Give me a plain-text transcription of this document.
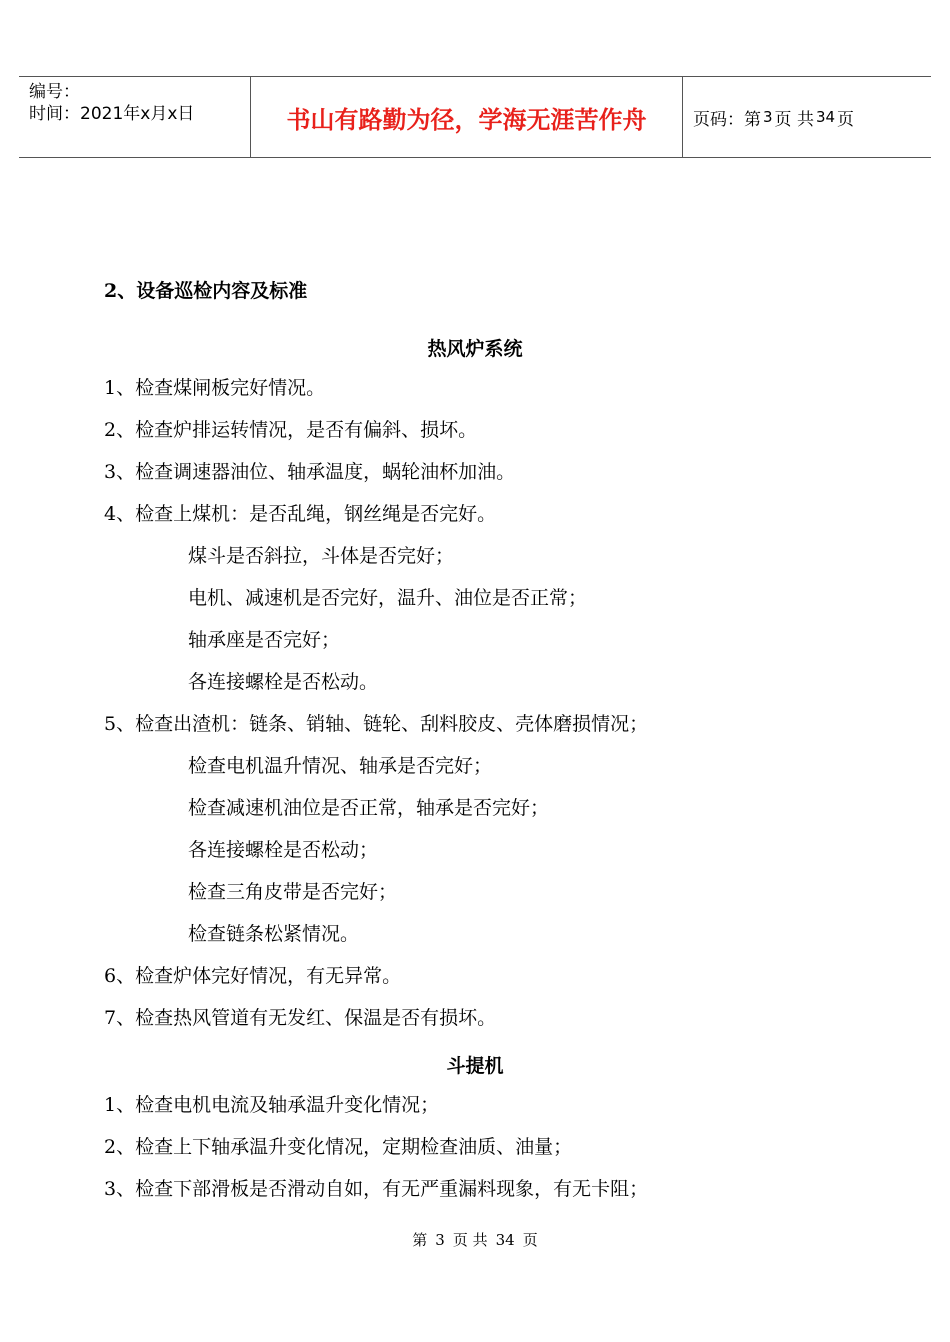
编号：
时间：2021年x月x日	书山有路勤为径，学海无涯苦作舟	页码：第 3 页 共 34 页
2、设备巡检内容及标准
热风炉系统
1、检查煤闸板完好情况。
2、检查炉排运转情况，是否有偏斜、损坏。
3、检查调速器油位、轴承温度，蜗轮油杯加油。
4、检查上煤机：是否乱绳，钢丝绳是否完好。
煤斗是否斜拉，斗体是否完好；
电机、减速机是否完好，温升、油位是否正常；
轴承座是否完好；
各连接螺栓是否松动。
5、检查出渣机：链条、销轴、链轮、刮料胶皮、壳体磨损情况；
检查电机温升情况、轴承是否完好；
检查减速机油位是否正常，轴承是否完好；
各连接螺栓是否松动；
检查三角皮带是否完好；
检查链条松紧情况。
6、检查炉体完好情况，有无异常。
7、检查热风管道有无发红、保温是否有损坏。
斗提机
1、检查电机电流及轴承温升变化情况；
2、检查上下轴承温升变化情况，定期检查油质、油量；
3、检查下部滑板是否滑动自如，有无严重漏料现象，有无卡阻；
第 3 页 共 34 页
